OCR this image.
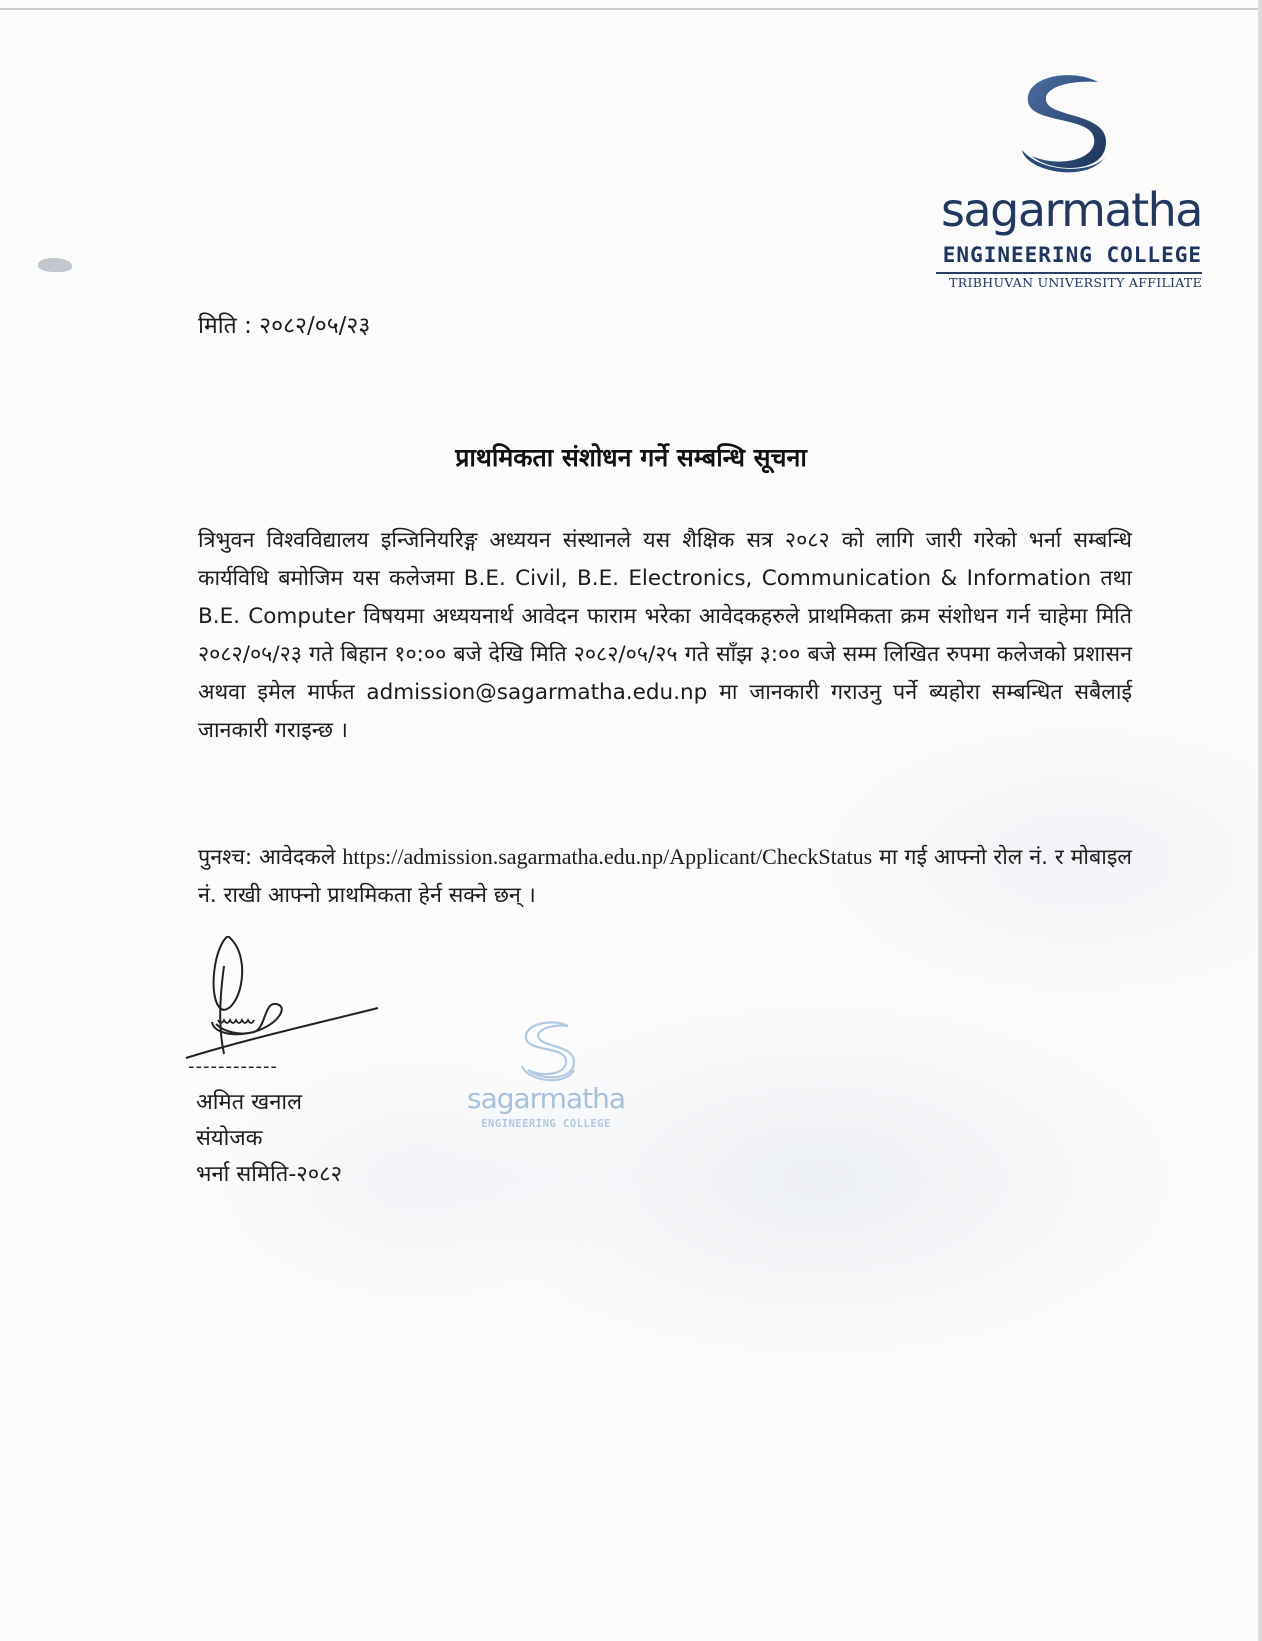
sagarmatha
ENGINEERING COLLEGE
TRIBHUVAN UNIVERSITY AFFILIATE
मिति : २०८२/०५/२३
प्राथमिकता संशोधन गर्ने सम्बन्धि सूचना
त्रिभुवन विश्वविद्यालय इन्जिनियरिङ्ग अध्ययन संस्थानले यस शैक्षिक सत्र २०८२ को लागि जारी गरेको भर्ना सम्बन्धि कार्यविधि बमोजिम यस कलेजमा B.E. Civil, B.E. Electronics, Communication & Information तथा B.E. Computer विषयमा अध्ययनार्थ आवेदन फाराम भरेका आवेदकहरुले प्राथमिकता क्रम संशोधन गर्न चाहेमा मिति २०८२/०५/२३ गते बिहान १०:०० बजे देखि मिति २०८२/०५/२५ गते साँझ ३:०० बजे सम्म लिखित रुपमा कलेजको प्रशासन अथवा इमेल मार्फत admission@sagarmatha.edu.np मा जानकारी गराउनु पर्ने ब्यहोरा सम्बन्धित सबैलाई जानकारी गराइन्छ ।
पुनश्च: आवेदकले https://admission.sagarmatha.edu.np/Applicant/CheckStatus मा गई आफ्नो रोल नं. र मोबाइल नं. राखी आफ्नो प्राथमिकता हेर्न सक्ने छन् ।
------------
अमित खनाल
संयोजक
भर्ना समिति-२०८२
sagarmatha
ENGINEERING COLLEGE
